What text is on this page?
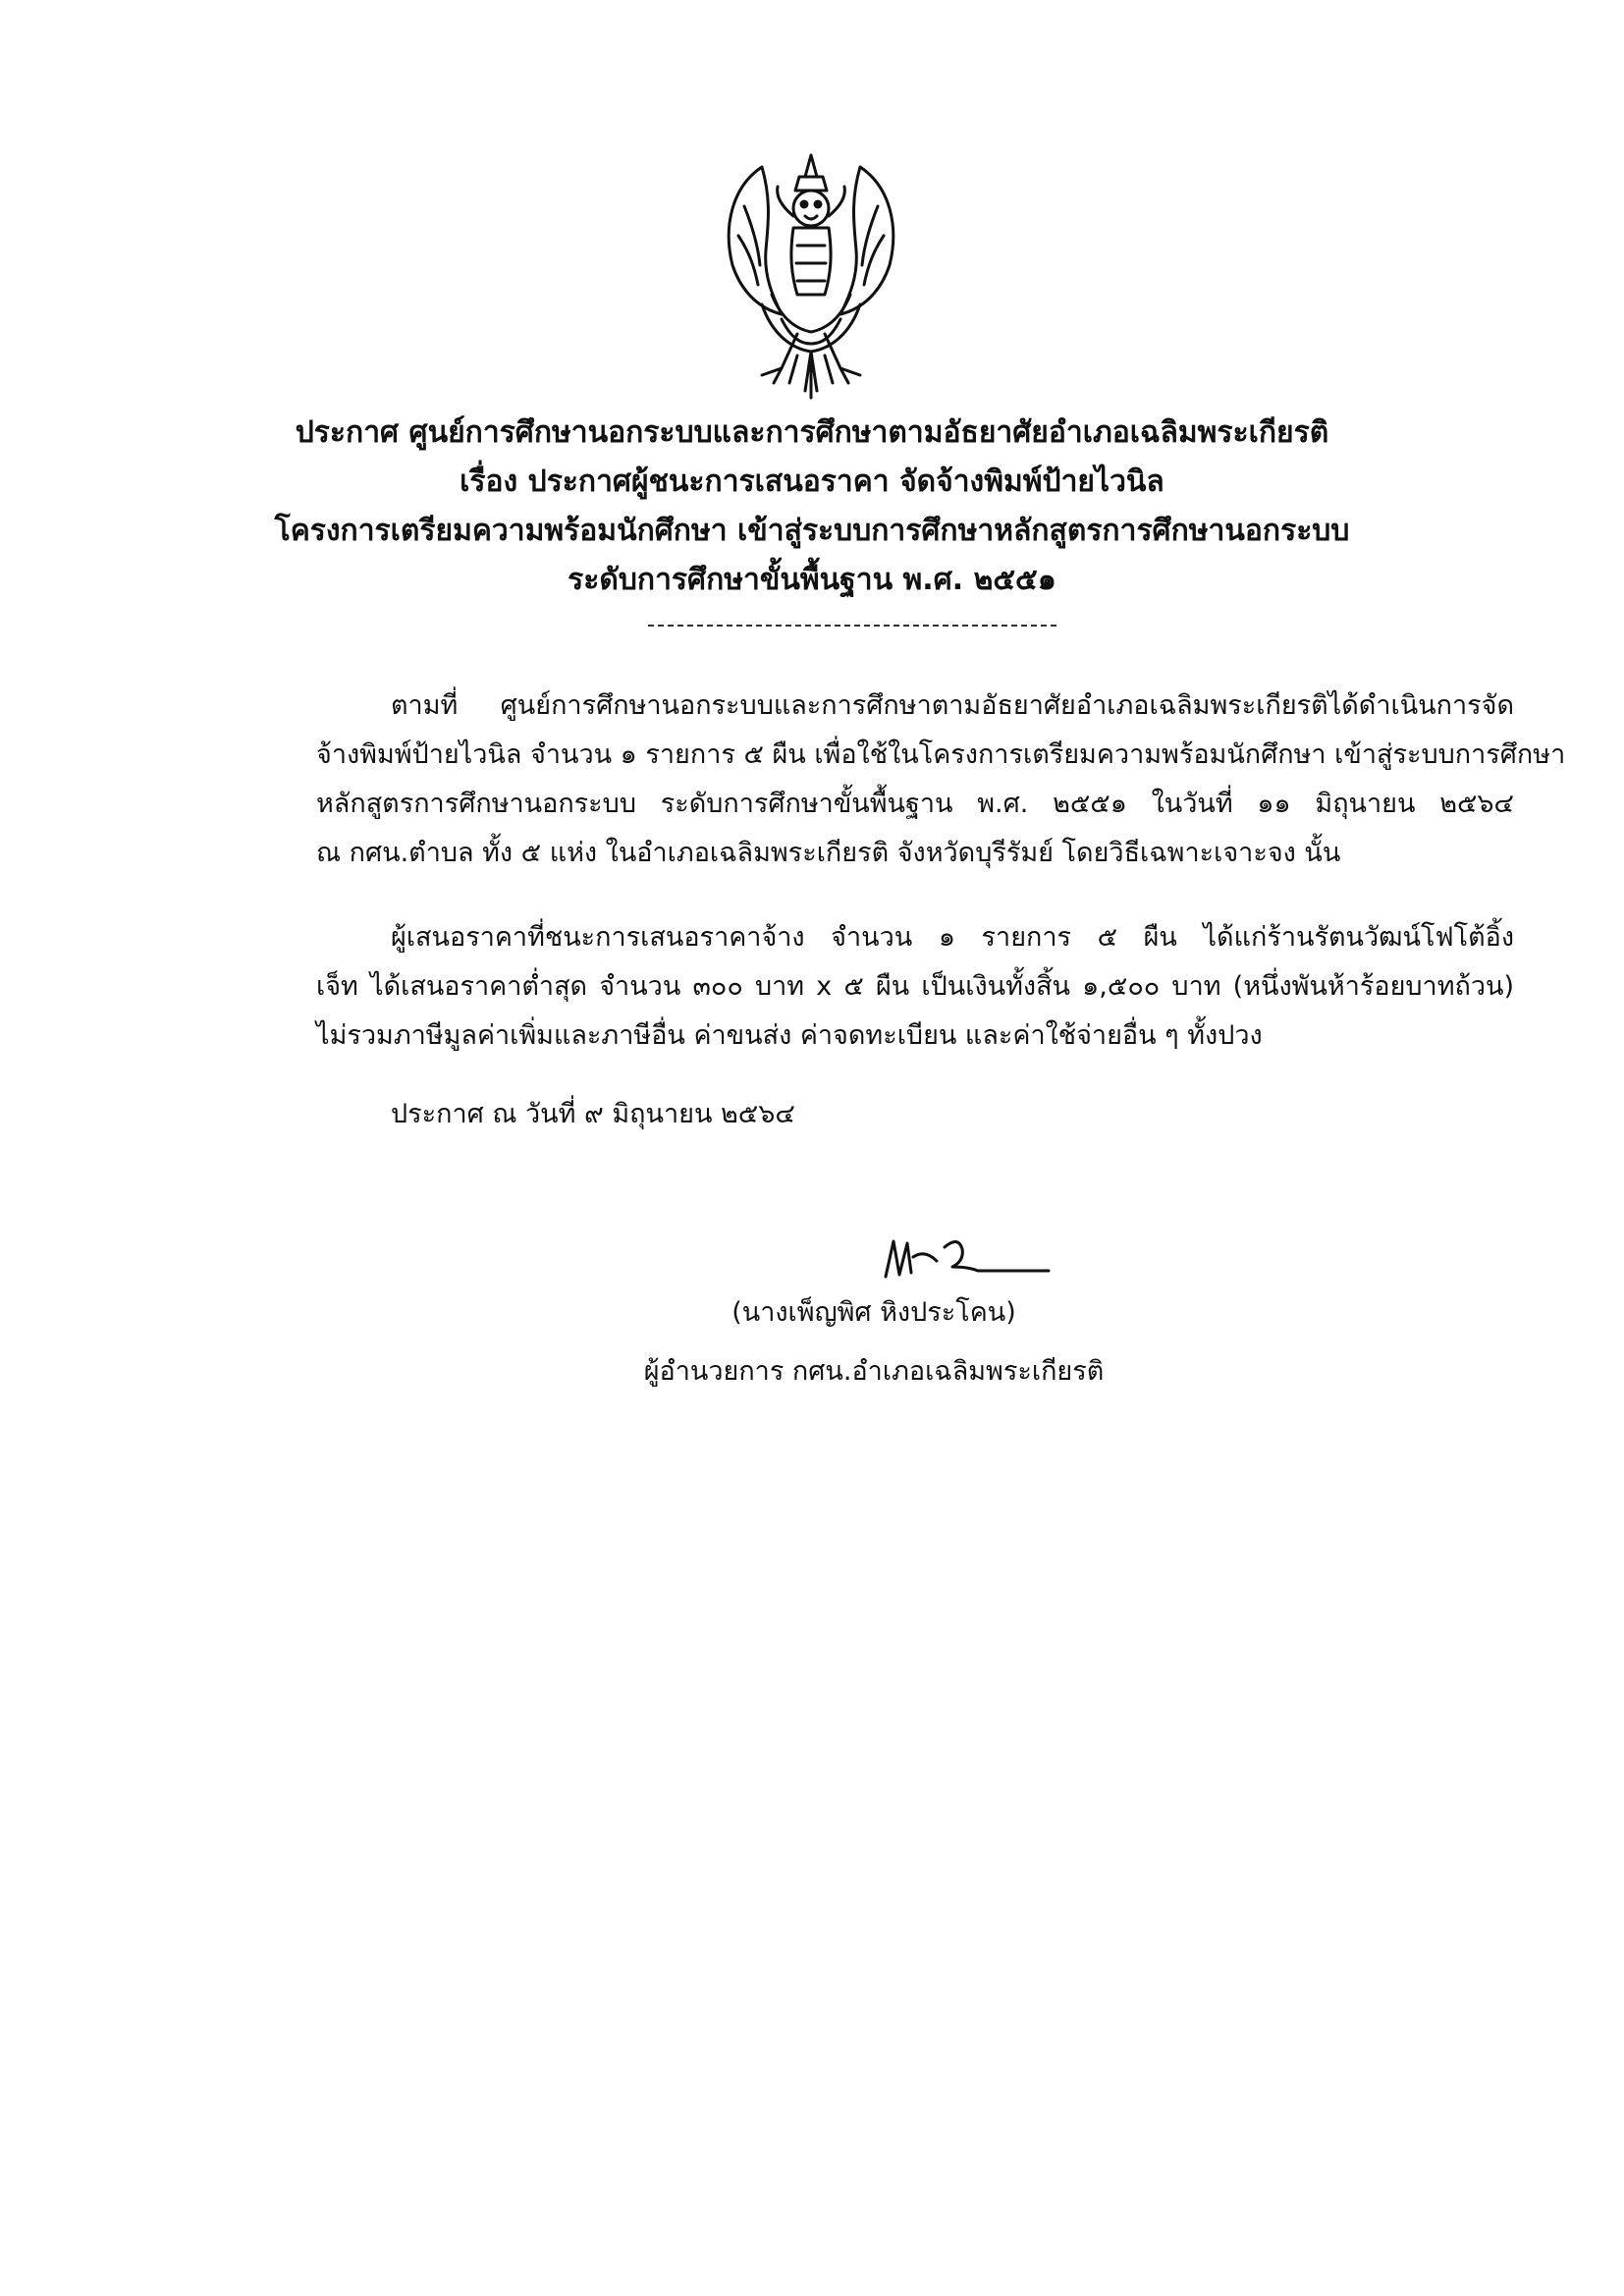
ประกาศ ศูนย์การศึกษานอกระบบและการศึกษาตามอัธยาศัยอำเภอเฉลิมพระเกียรติ
เรื่อง ประกาศผู้ชนะการเสนอราคา จัดจ้างพิมพ์ป้ายไวนิล
โครงการเตรียมความพร้อมนักศึกษา เข้าสู่ระบบการศึกษาหลักสูตรการศึกษานอกระบบ
ระดับการศึกษาขั้นพื้นฐาน พ.ศ. ๒๕๕๑
ตามที่ ศูนย์การศึกษานอกระบบและการศึกษาตามอัธยาศัยอำเภอเฉลิมพระเกียรติได้ดำเนินการจัด
จ้างพิมพ์ป้ายไวนิล จำนวน ๑ รายการ ๕ ผืน เพื่อใช้ในโครงการเตรียมความพร้อมนักศึกษา เข้าสู่ระบบการศึกษา
หลักสูตรการศึกษานอกระบบ ระดับการศึกษาขั้นพื้นฐาน พ.ศ. ๒๕๕๑ ในวันที่ ๑๑ มิถุนายน ๒๕๖๔
ณ กศน.ตำบล ทั้ง ๕ แห่ง ในอำเภอเฉลิมพระเกียรติ จังหวัดบุรีรัมย์ โดยวิธีเฉพาะเจาะจง นั้น
ผู้เสนอราคาที่ชนะการเสนอราคาจ้าง จำนวน ๑ รายการ ๕ ผืน ได้แก่ร้านรัตนวัฒน์โฟโต้อิ้ง
เจ็ท ได้เสนอราคาต่ำสุด จำนวน ๓๐๐ บาท x ๕ ผืน เป็นเงินทั้งสิ้น ๑,๕๐๐ บาท (หนึ่งพันห้าร้อยบาทถ้วน)
ไม่รวมภาษีมูลค่าเพิ่มและภาษีอื่น ค่าขนส่ง ค่าจดทะเบียน และค่าใช้จ่ายอื่น ๆ ทั้งปวง
ประกาศ ณ วันที่ ๙ มิถุนายน ๒๕๖๔
(นางเพ็ญพิศ หิงประโคน)
ผู้อำนวยการ กศน.อำเภอเฉลิมพระเกียรติ
